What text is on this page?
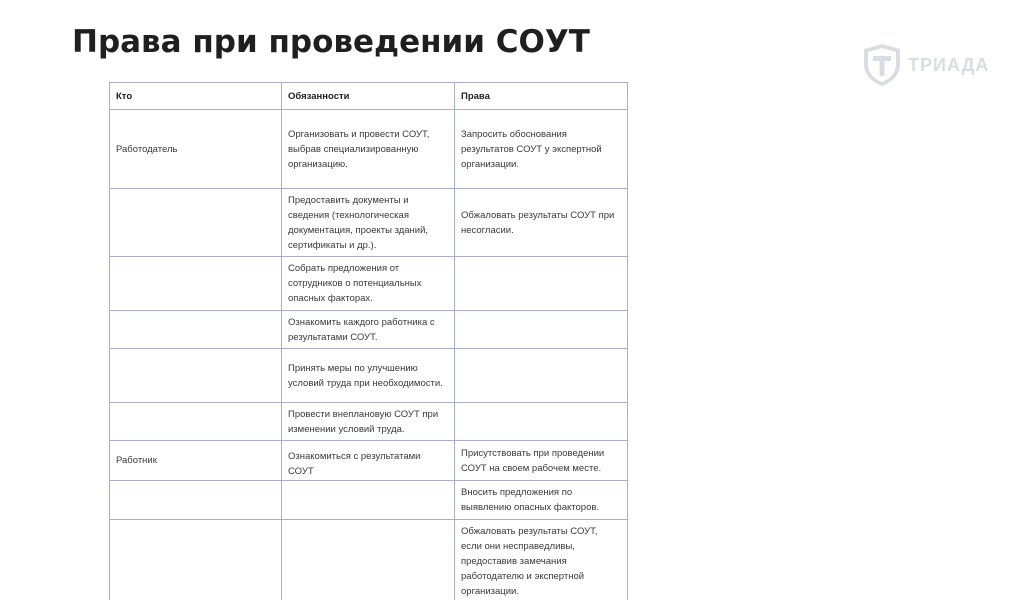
Права при проведении СОУТ
ТРИАДА
Кто	Обязанности	Права
Работодатель	Организовать и провести СОУТ, выбрав специализированную организацию.	Запросить обоснования результатов СОУТ у экспертной организации.
	Предоставить документы и сведения (технологическая документация, проекты зданий, сертификаты и др.).	Обжаловать результаты СОУТ при несогласии.
	Собрать предложения от сотрудников о потенциальных опасных факторах.	
	Ознакомить каждого работника с результатами СОУТ.	
	Принять меры по улучшению условий труда при необходимости.	
	Провести внеплановую СОУТ при изменении условий труда.	
Работник	Ознакомиться с результатами СОУТ	Присутствовать при проведении СОУТ на своем рабочем месте.
		Вносить предложения по выявлению опасных факторов.
		Обжаловать результаты СОУТ, если они несправедливы, предоставив замечания работодателю и экспертной организации.
